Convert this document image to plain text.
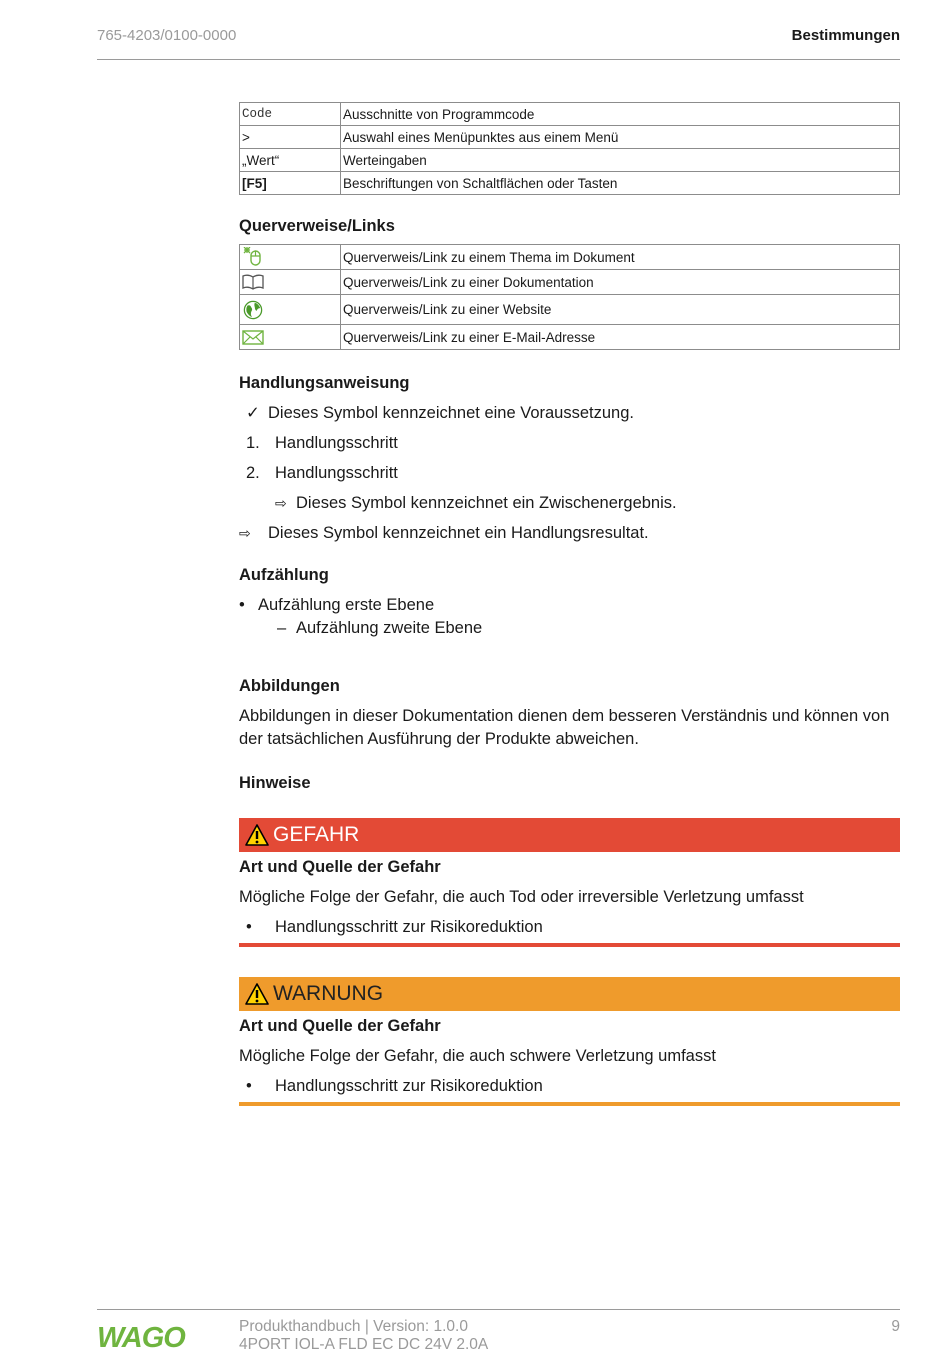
765-4203/0100-0000	Bestimmungen
Code	Ausschnitte von Programmcode
>	Auswahl eines Menüpunktes aus einem Menü
„Wert“	Werteingaben
[F5]	Beschriftungen von Schaltflächen oder Tasten
Querverweise/Links
	Querverweis/Link zu einem Thema im Dokument
	Querverweis/Link zu einer Dokumentation
	Querverweis/Link zu einer Website
	Querverweis/Link zu einer E-Mail-Adresse
Handlungsanweisung
✓ Dieses Symbol kennzeichnet eine Voraussetzung.
1. Handlungsschritt
2. Handlungsschritt
⇨ Dieses Symbol kennzeichnet ein Zwischenergebnis.
⇨ Dieses Symbol kennzeichnet ein Handlungsresultat.
Aufzählung
• Aufzählung erste Ebene
– Aufzählung zweite Ebene
Abbildungen

Abbildungen in dieser Dokumentation dienen dem besseren Verständnis und können von der tatsächlichen Ausführung der Produkte abweichen.

Hinweise
GEFAHR
Art und Quelle der Gefahr

Mögliche Folge der Gefahr, die auch Tod oder irreversible Verletzung umfasst

• Handlungsschritt zur Risikoreduktion
WARNUNG
Art und Quelle der Gefahr

Mögliche Folge der Gefahr, die auch schwere Verletzung umfasst

• Handlungsschritt zur Risikoreduktion
WAGO	Produkthandbuch | Version: 1.0.0
4PORT IOL-A FLD EC DC 24V 2.0A
9
